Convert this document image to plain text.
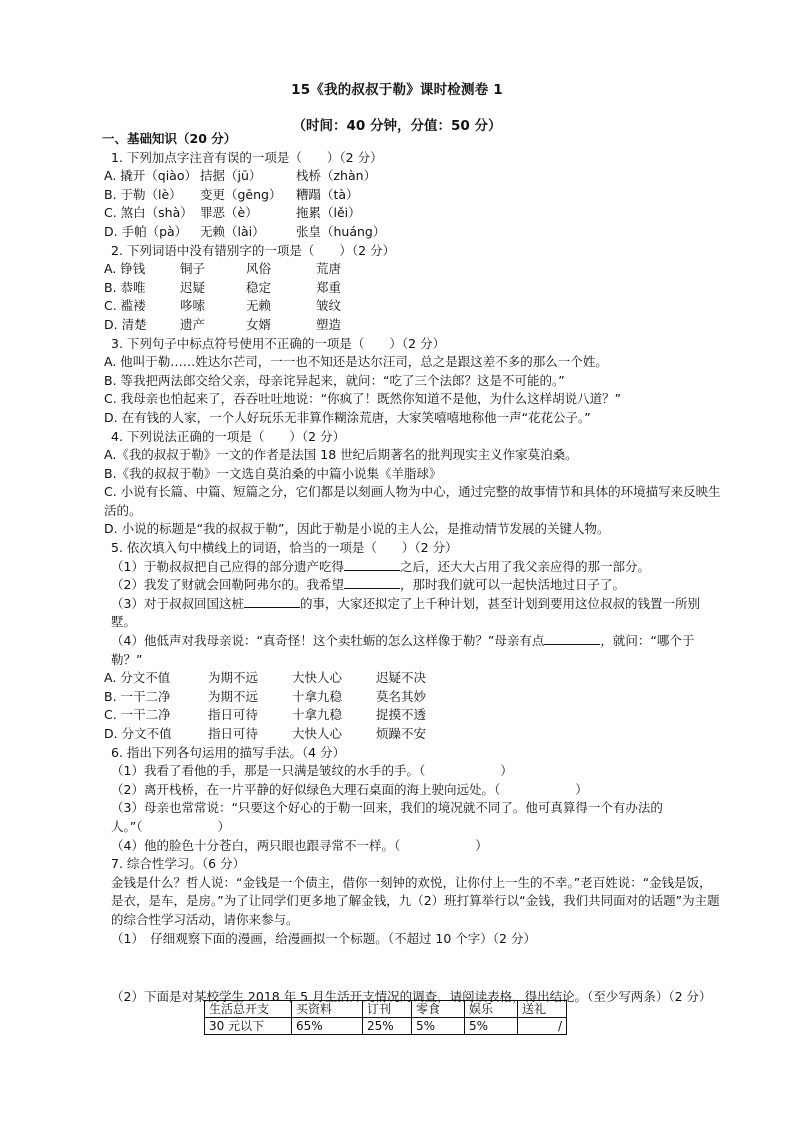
15《我的叔叔于勒》课时检测卷 1
（时间：40 分钟，分值：50 分）
一、基础知识（20 分）
1. 下列加点字注音有误的一项是（　　）（2 分）
A. 撬开（qiào） 拮据（jū）	栈桥（zhàn）
B. 于勒（lè） 变更（gēng） 糟蹋（tà）
C. 煞白（shà） 罪恶（è）	拖累（lěi）
D. 手帕（pà） 无赖（lài）	张皇（huáng）
2. 下列词语中没有错别字的一项是（　　）（2 分）
A. 铮钱	铜子	风俗	荒唐
B. 恭唯	迟疑	稳定	郑重
C. 褴褛	哆嗦	无赖	皱纹
D. 清楚	遗产	女婿	塑造
3. 下列句子中标点符号使用不正确的一项是（　　）（2 分）
A. 他叫于勒……姓达尔芒司，一一也不知还是达尔汪司，总之是跟这差不多的那么一个姓。
B. 等我把两法郎交给父亲，母亲诧异起来，就问：“吃了三个法郎？这是不可能的。”
C. 我母亲也怕起来了，吞吞吐吐地说：“你疯了！既然你知道不是他，为什么这样胡说八道？”
D. 在有钱的人家，一个人好玩乐无非算作糊涂荒唐，大家笑嘻嘻地称他一声“花花公子。”
4. 下列说法正确的一项是（　　）（2 分）
A.《我的叔叔于勒》一文的作者是法国 18 世纪后期著名的批判现实主义作家莫泊桑。
B.《我的叔叔于勒》一文选自莫泊桑的中篇小说集《羊脂球》
C. 小说有长篇、中篇、短篇之分，它们都是以刻画人物为中心，通过完整的故事情节和具体的环境描写来反映生活的。
D. 小说的标题是“我的叔叔于勒”，因此于勒是小说的主人公，是推动情节发展的关键人物。
5. 依次填入句中横线上的词语，恰当的一项是（　　）（2 分）
（1）于勒叔叔把自己应得的部分遗产吃得	之后，还大大占用了我父亲应得的那一部分。
（2）我发了财就会回勒阿弗尔的。我希望	，那时我们就可以一起快活地过日子了。
（3）对于叔叔回国这桩	的事，大家还拟定了上千种计划，甚至计划到要用这位叔叔的钱置一所别墅。
（4）他低声对我母亲说：“真奇怪！这个卖牡蛎的怎么这样像于勒？”母亲有点	，就问：“哪个于勒？”
A. 分文不值	为期不远	大快人心	迟疑不决
B. 一干二净	为期不远	十拿九稳	莫名其妙
C. 一干二净	指日可待	十拿九稳	捉摸不透
D. 分文不值	指日可待	大快人心	烦躁不安
6. 指出下列各句运用的描写手法。（4 分）
（1）我看了看他的手，那是一只满是皱纹的水手的手。（　　　　　　）
（2）离开栈桥，在一片平静的好似绿色大理石桌面的海上驶向远处。（　　　　　　）
（3）母亲也常常说：“只要这个好心的于勒一回来，我们的境况就不同了。他可真算得一个有办法的人。”（　　　　　　）
（4）他的脸色十分苍白，两只眼也跟寻常不一样。（　　　　　　）
7. 综合性学习。（6 分）
金钱是什么？哲人说：“金钱是一个债主，借你一刻钟的欢悦，让你付上一生的不幸。”老百姓说：“金钱是饭，是衣，是车，是房。”为了让同学们更多地了解金钱，九（2）班打算举行以“金钱，我们共同面对的话题”为主题的综合性学习活动，请你来参与。
（1）　仔细观察下面的漫画，给漫画拟一个标题。（不超过 10 个字）（2 分）
（2）下面是对某校学生 2018 年 5 月生活开支情况的调查，请阅读表格，得出结论。（至少写两条）（2 分）
生活总开支	买资料	订刊	零食	娱乐	送礼
30 元以下	65%	25%	5%	5%	/
